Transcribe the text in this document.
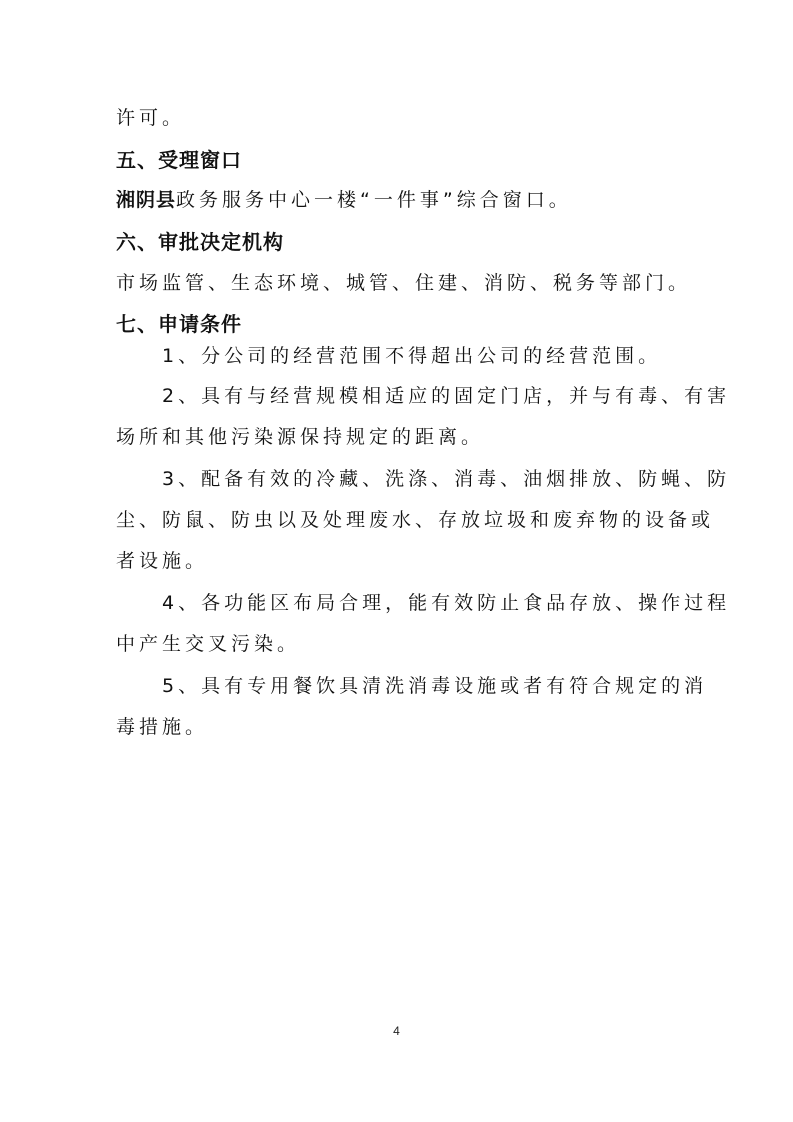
许可。
五、受理窗口
湘阴县政务服务中心一楼“一件事”综合窗口。
六、审批决定机构
市场监管、生态环境、城管、住建、消防、税务等部门。
七、申请条件
1、分公司的经营范围不得超出公司的经营范围。
2、具有与经营规模相适应的固定门店，并与有毒、有害
场所和其他污染源保持规定的距离。
3、配备有效的冷藏、洗涤、消毒、油烟排放、防蝇、防
尘、防鼠、防虫以及处理废水、存放垃圾和废弃物的设备或
者设施。
4、各功能区布局合理，能有效防止食品存放、操作过程
中产生交叉污染。
5、具有专用餐饮具清洗消毒设施或者有符合规定的消
毒措施。
4
